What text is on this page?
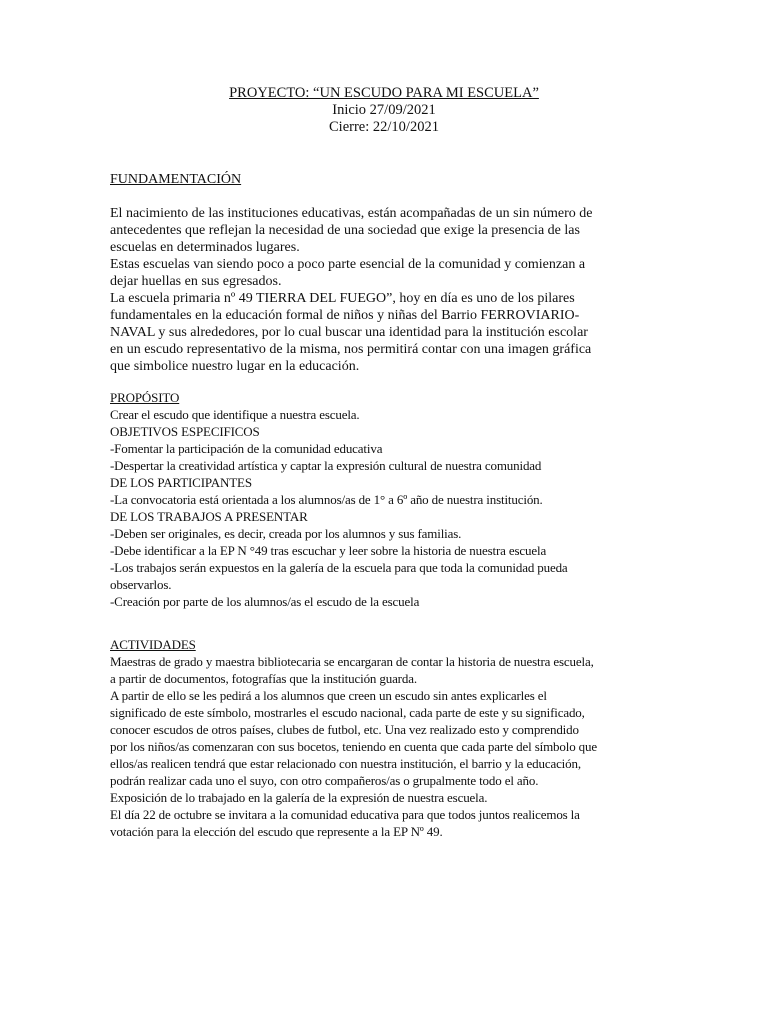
PROYECTO: “UN ESCUDO PARA MI ESCUELA”
Inicio 27/09/2021
Cierre: 22/10/2021
FUNDAMENTACIÓN
El nacimiento de las instituciones educativas, están acompañadas de un sin número de
antecedentes que reflejan la necesidad de una sociedad que exige la presencia de las
escuelas en determinados lugares.
Estas escuelas van siendo poco a poco parte esencial de la comunidad y comienzan a
dejar huellas en sus egresados.
La escuela primaria nº 49 TIERRA DEL FUEGO”, hoy en día es uno de los pilares
fundamentales en la educación formal de niños y niñas del Barrio FERROVIARIO-
NAVAL y sus alrededores, por lo cual buscar una identidad para la institución escolar
en un escudo representativo de la misma, nos permitirá contar con una imagen gráfica
que simbolice nuestro lugar en la educación.
PROPÓSITO
Crear el escudo que identifique a nuestra escuela.
OBJETIVOS ESPECIFICOS
-Fomentar la participación de la comunidad educativa
-Despertar la creatividad artística y captar la expresión cultural de nuestra comunidad
DE LOS PARTICIPANTES
-La convocatoria está orientada a los alumnos/as de 1° a 6º año de nuestra institución.
DE LOS TRABAJOS A PRESENTAR
-Deben ser originales, es decir, creada por los alumnos y sus familias.
-Debe identificar a la EP N °49 tras escuchar y leer sobre la historia de nuestra escuela
-Los trabajos serán expuestos en la galería de la escuela para que toda la comunidad pueda
observarlos.
-Creación por parte de los alumnos/as el escudo de la escuela
ACTIVIDADES
Maestras de grado y maestra bibliotecaria se encargaran de contar la historia de nuestra escuela,
a partir de documentos, fotografías que la institución guarda.
A partir de ello se les pedirá a los alumnos que creen un escudo sin antes explicarles el
significado de este símbolo, mostrarles el escudo nacional, cada parte de este y su significado,
conocer escudos de otros países, clubes de futbol, etc. Una vez realizado esto y comprendido
por los niños/as comenzaran con sus bocetos, teniendo en cuenta que cada parte del símbolo que
ellos/as realicen tendrá que estar relacionado con nuestra institución, el barrio y la educación,
podrán realizar cada uno el suyo, con otro compañeros/as o grupalmente todo el año.
Exposición de lo trabajado en la galería de la expresión de nuestra escuela.
El día 22 de octubre se invitara a la comunidad educativa para que todos juntos realicemos la
votación para la elección del escudo que represente a la EP Nº 49.
